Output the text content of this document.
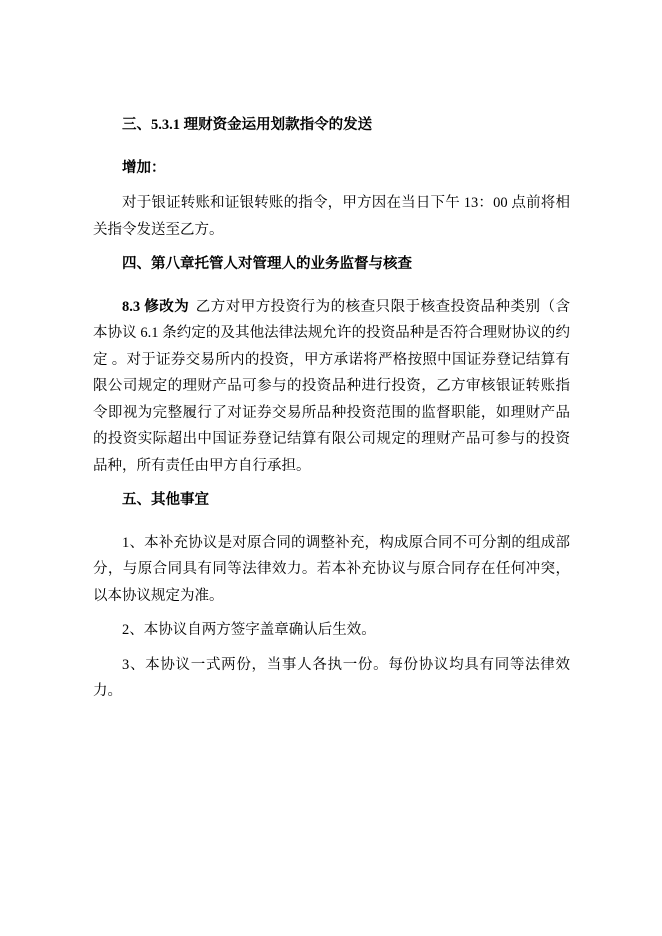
三、5.3.1 理财资金运用划款指令的发送

增加：

对于银证转账和证银转账的指令，甲方因在当日下午 13：00 点前将相关指令发送至乙方。

四、第八章托管人对管理人的业务监督与核查

8.3 修改为 乙方对甲方投资行为的核查只限于核查投资品种类别（含本协议 6.1 条约定的及其他法律法规允许的投资品种是否符合理财协议的约定 。对于证券交易所内的投资，甲方承诺将严格按照中国证券登记结算有限公司规定的理财产品可参与的投资品种进行投资，乙方审核银证转账指令即视为完整履行了对证券交易所品种投资范围的监督职能，如理财产品的投资实际超出中国证券登记结算有限公司规定的理财产品可参与的投资品种，所有责任由甲方自行承担。

五、其他事宜

1、本补充协议是对原合同的调整补充，构成原合同不可分割的组成部分，与原合同具有同等法律效力。若本补充协议与原合同存在任何冲突，以本协议规定为准。

2、本协议自两方签字盖章确认后生效。

3、本协议一式两份，当事人各执一份。每份协议均具有同等法律效力。
